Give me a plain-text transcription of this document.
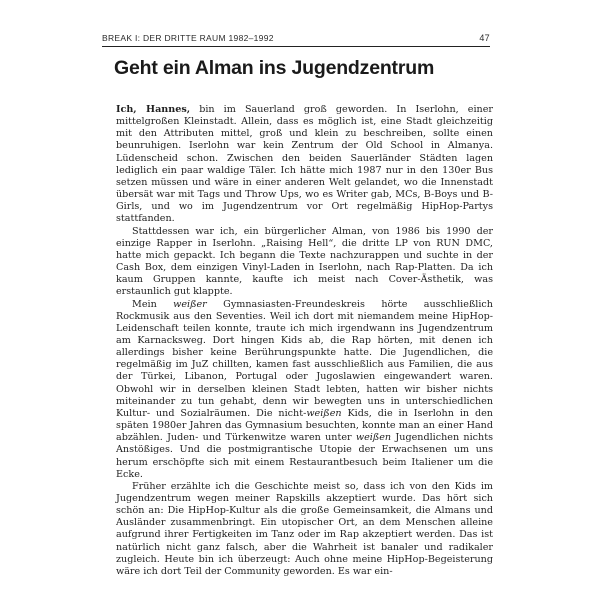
BREAK I: DER DRITTE RAUM 1982–1992	47
Geht ein Alman ins Jugendzentrum

Ich, Hannes, bin im Sauerland groß geworden. In Iserlohn, einer mittelgroßen Kleinstadt. Allein, dass es möglich ist, eine Stadt gleichzeitig mit den Attributen mittel, groß und klein zu beschreiben, sollte einen beunruhigen. Iserlohn war kein Zentrum der Old School in Almanya. Lüdenscheid schon. Zwischen den beiden Sauerländer Städten lagen lediglich ein paar waldige Täler. Ich hätte mich 1987 nur in den 130er Bus setzen müssen und wäre in einer anderen Welt gelandet, wo die Innenstadt übersät war mit Tags und Throw Ups, wo es Writer gab, MCs, B-Boys und B-Girls, und wo im Jugendzentrum vor Ort regelmäßig HipHop-Partys stattfanden.

Stattdessen war ich, ein bürgerlicher Alman, von 1986 bis 1990 der einzige Rapper in Iserlohn. „Raising Hell“, die dritte LP von RUN DMC, hatte mich gepackt. Ich begann die Texte nachzurappen und suchte in der Cash Box, dem einzigen Vinyl-Laden in Iserlohn, nach Rap-Platten. Da ich kaum Gruppen kannte, kaufte ich meist nach Cover-Ästhetik, was erstaunlich gut klappte.

Mein weißer Gymnasiasten-Freundeskreis hörte ausschließlich Rockmusik aus den Seventies. Weil ich dort mit niemandem meine HipHop-Leidenschaft teilen konnte, traute ich mich irgendwann ins Jugendzentrum am Karnacksweg. Dort hingen Kids ab, die Rap hörten, mit denen ich allerdings bisher keine Berührungspunkte hatte. Die Jugendlichen, die regelmäßig im JuZ chillten, kamen fast ausschließlich aus Familien, die aus der Türkei, Libanon, Portugal oder Jugoslawien eingewandert waren. Obwohl wir in derselben kleinen Stadt lebten, hatten wir bisher nichts miteinander zu tun gehabt, denn wir bewegten uns in unterschiedlichen Kultur- und Sozialräumen. Die nicht-weißen Kids, die in Iserlohn in den späten 1980er Jahren das Gymnasium besuchten, konnte man an einer Hand abzählen. Juden- und Türkenwitze waren unter weißen Jugendlichen nichts Anstößiges. Und die postmigrantische Utopie der Erwachsenen um uns herum erschöpfte sich mit einem Restaurantbesuch beim Italiener um die Ecke.

Früher erzählte ich die Geschichte meist so, dass ich von den Kids im Jugendzentrum wegen meiner Rapskills akzeptiert wurde. Das hört sich schön an: Die HipHop-Kultur als die große Gemeinsamkeit, die Almans und Ausländer zusammenbringt. Ein utopischer Ort, an dem Menschen alleine aufgrund ihrer Fertigkeiten im Tanz oder im Rap akzeptiert werden. Das ist natürlich nicht ganz falsch, aber die Wahrheit ist banaler und radikaler zugleich. Heute bin ich überzeugt: Auch ohne meine HipHop-Begeisterung wäre ich dort Teil der Community geworden. Es war ein-
